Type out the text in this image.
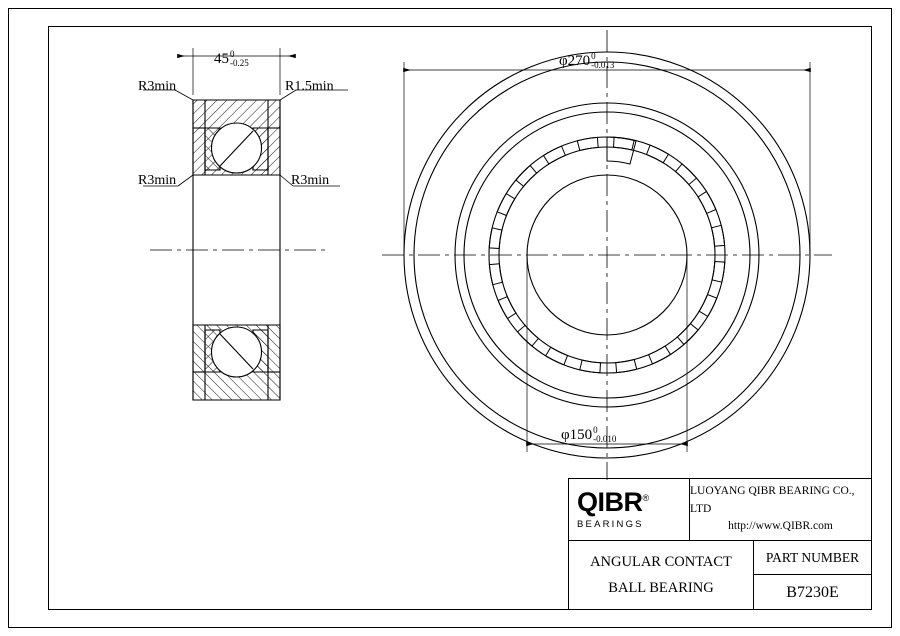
45 0
-0.25
R3min	R1.5min
R3min	R3min
φ270 0
-0.013
φ150 0
-0.010
QIBR®
BEARINGS
LUOYANG QIBR BEARING CO., LTD
http://www.QIBR.com
ANGULAR CONTACT
BALL BEARING
PART NUMBER
B7230E
